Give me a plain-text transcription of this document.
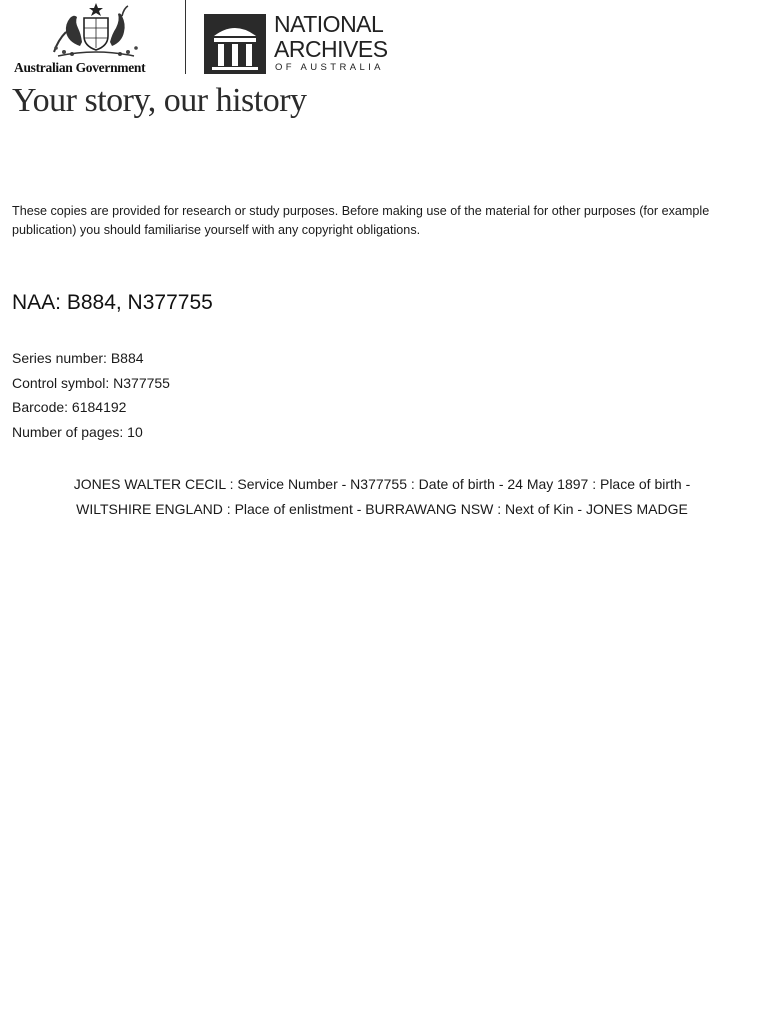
Australian Government
NATIONAL
ARCHIVES
OF AUSTRALIA
Your story, our history
These copies are provided for research or study purposes. Before making use of the material for other purposes (for example publication) you should familiarise yourself with any copyright obligations.
NAA: B884, N377755
Series number: B884
Control symbol: N377755
Barcode: 6184192
Number of pages: 10
JONES WALTER CECIL : Service Number - N377755 : Date of birth - 24 May 1897 : Place of birth -
WILTSHIRE ENGLAND : Place of enlistment - BURRAWANG NSW : Next of Kin - JONES MADGE
